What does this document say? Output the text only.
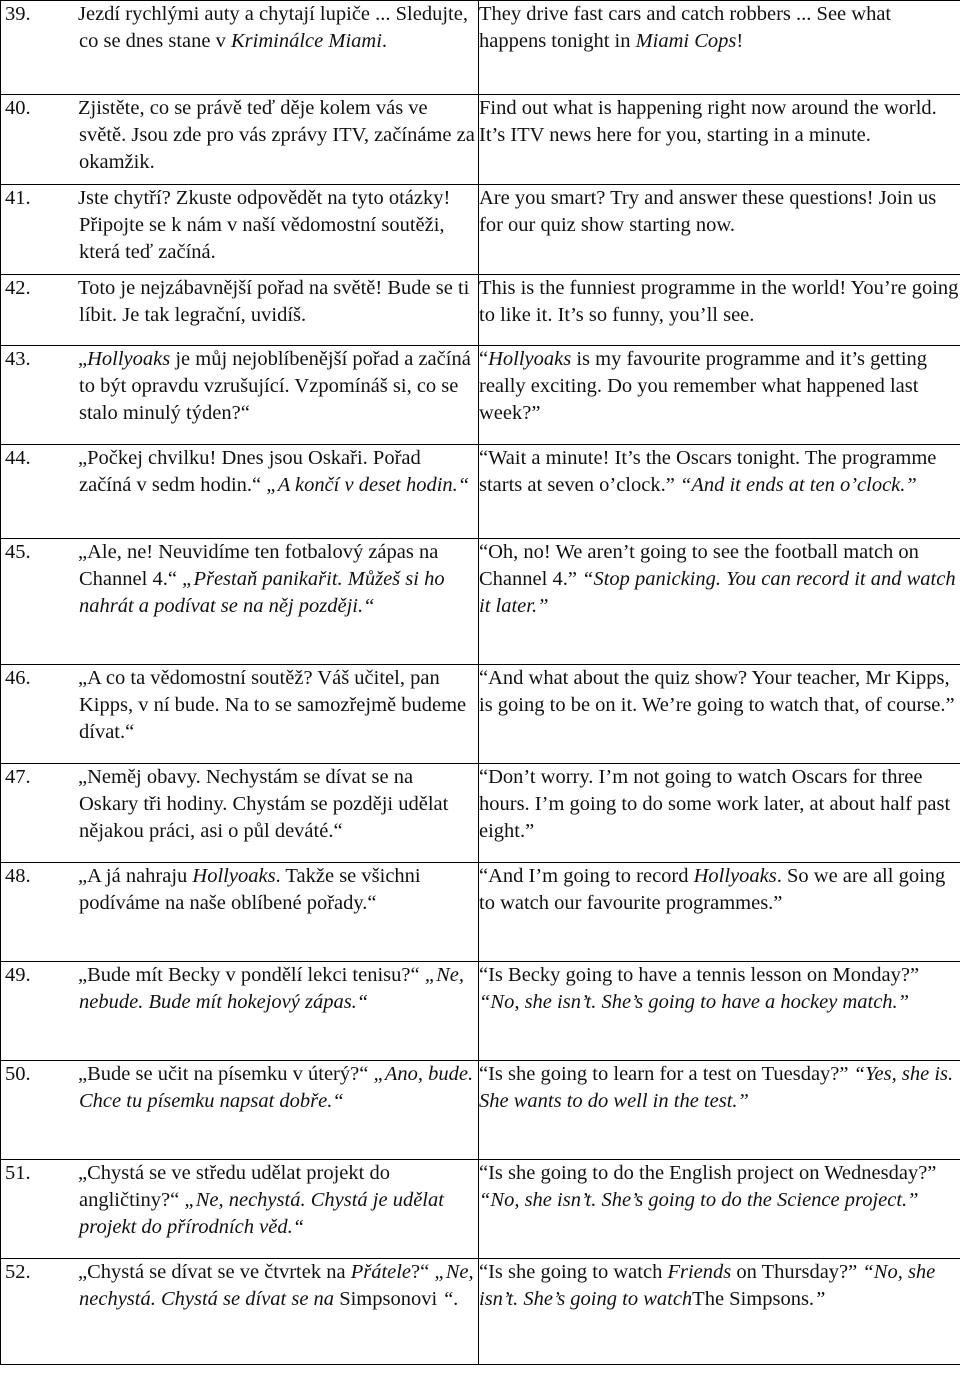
39. Jezdí rychlými auty a chytají lupiče ... Sledujte, co se dnes stane v Kriminálce Miami.	They drive fast cars and catch robbers ... See what happens tonight in Miami Cops!

40. Zjistěte, co se právě teď děje kolem vás ve světě. Jsou zde pro vás zprávy ITV, začínáme za okamžik.	Find out what is happening right now around the world. It’s ITV news here for you, starting in a minute.

41. Jste chytří? Zkuste odpovědět na tyto otázky! Připojte se k nám v naší vědomostní soutěži, která teď začíná.	Are you smart? Try and answer these questions! Join us for our quiz show starting now.

42. Toto je nejzábavnější pořad na světě! Bude se ti líbit. Je tak legrační, uvidíš.	This is the funniest programme in the world! You’re going to like it. It’s so funny, you’ll see.

43. „Hollyoaks je můj nejoblíbenější pořad a začíná to být opravdu vzrušující. Vzpomínáš si, co se stalo minulý týden?“	“Hollyoaks is my favourite programme and it’s getting really exciting. Do you remember what happened last week?”

44. „Počkej chvilku! Dnes jsou Oskaři. Pořad začíná v sedm hodin.“ „A končí v deset hodin.“	“Wait a minute! It’s the Oscars tonight. The programme starts at seven o’clock.” “And it ends at ten o’clock.”

45. „Ale, ne! Neuvidíme ten fotbalový zápas na Channel 4.“ „Přestaň panikařit. Můžeš si ho nahrát a podívat se na něj později.“	“Oh, no! We aren’t going to see the football match on Channel 4.” “Stop panicking. You can record it and watch it later.”

46. „A co ta vědomostní soutěž? Váš učitel, pan Kipps, v ní bude. Na to se samozřejmě budeme dívat.“	“And what about the quiz show? Your teacher, Mr Kipps, is going to be on it. We’re going to watch that, of course.”

47. „Neměj obavy. Nechystám se dívat se na Oskary tři hodiny. Chystám se později udělat nějakou práci, asi o půl deváté.“	“Don’t worry. I’m not going to watch Oscars for three hours. I’m going to do some work later, at about half past eight.”

48. „A já nahraju Hollyoaks. Takže se všichni podíváme na naše oblíbené pořady.“	“And I’m going to record Hollyoaks. So we are all going to watch our favourite programmes.”

49. „Bude mít Becky v pondělí lekci tenisu?“ „Ne, nebude. Bude mít hokejový zápas.“	“Is Becky going to have a tennis lesson on Monday?” “No, she isn’t. She’s going to have a hockey match.”

50. „Bude se učit na písemku v úterý?“ „Ano, bude. Chce tu písemku napsat dobře.“	“Is she going to learn for a test on Tuesday?” “Yes, she is. She wants to do well in the test.”

51. „Chystá se ve středu udělat projekt do angličtiny?“ „Ne, nechystá. Chystá je udělat projekt do přírodních věd.“	“Is she going to do the English project on Wednesday?” “No, she isn’t. She’s going to do the Science project.”

52. „Chystá se dívat se ve čtvrtek na Přátele?“ „Ne, nechystá. Chystá se dívat se na Simpsonovi “.	“Is she going to watch Friends on Thursday?” “No, she isn’t. She’s going to watchThe Simpsons.”
